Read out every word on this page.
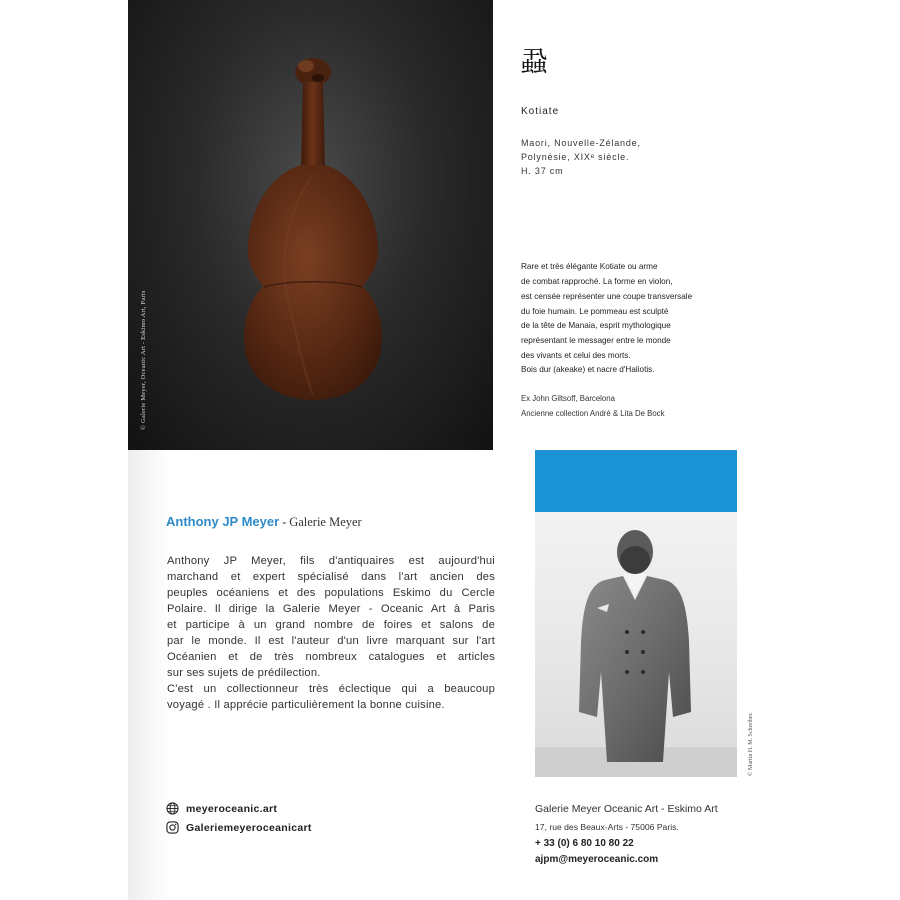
© Galerie Meyer, Oceanic Art - Eskimo Art, Paris
蝨
Kotiate
Maori, Nouvelle-Zélande,
Polynésie, XIXᵉ siècle.
H. 37 cm
Rare et très élégante Kotiate ou arme
de combat rapproché. La forme en violon,
est censée représenter une coupe transversale
du foie humain. Le pommeau est sculpté
de la tête de Manaia, esprit mythologique
représentant le messager entre le monde
des vivants et celui des morts.
Bois dur (akeake) et nacre d'Haliotis.
Ex John Giltsoff, Barcelona
Ancienne collection André & Lita De Bock
Anthony JP Meyer - Galerie Meyer
Anthony JP Meyer, fils d'antiquaires est aujourd'hui
marchand et expert spécialisé dans l'art ancien des
peuples océaniens et des populations Eskimo du Cercle
Polaire. Il dirige la Galerie Meyer - Oceanic Art à Paris
et participe à un grand nombre de foires et salons de
par le monde. Il est l'auteur d'un livre marquant sur l'art
Océanien et de très nombreux catalogues et articles
sur ses sujets de prédilection.
C'est un collectionneur très éclectique qui a beaucoup
voyagé . Il apprécie particulièrement la bonne cuisine.
© Martin H. M. Schreiber.
meyeroceanic.art
Galeriemeyeroceanicart
Galerie Meyer Oceanic Art - Eskimo Art
17, rue des Beaux-Arts - 75006 Paris.
+ 33 (0) 6 80 10 80 22
ajpm@meyeroceanic.com
